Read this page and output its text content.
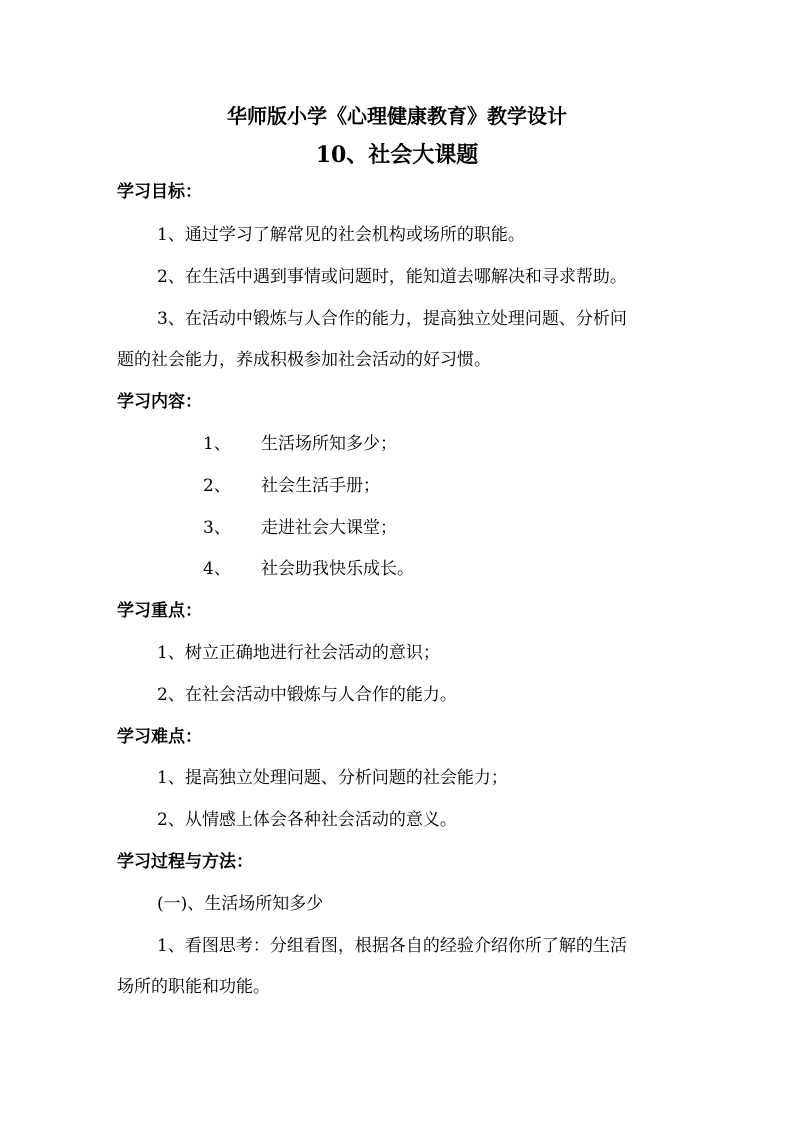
华师版小学《心理健康教育》教学设计
10、社会大课题
学习目标：
1、通过学习了解常见的社会机构或场所的职能。
2、在生活中遇到事情或问题时，能知道去哪解决和寻求帮助。
3、在活动中锻炼与人合作的能力，提高独立处理问题、分析问
题的社会能力，养成积极参加社会活动的好习惯。
学习内容：
1、 生活场所知多少；
2、 社会生活手册；
3、 走进社会大课堂；
4、 社会助我快乐成长。
学习重点：
1、树立正确地进行社会活动的意识；
2、在社会活动中锻炼与人合作的能力。
学习难点：
1、提高独立处理问题、分析问题的社会能力；
2、从情感上体会各种社会活动的意义。
学习过程与方法：
(一)、生活场所知多少
1、看图思考：分组看图，根据各自的经验介绍你所了解的生活
场所的职能和功能。
